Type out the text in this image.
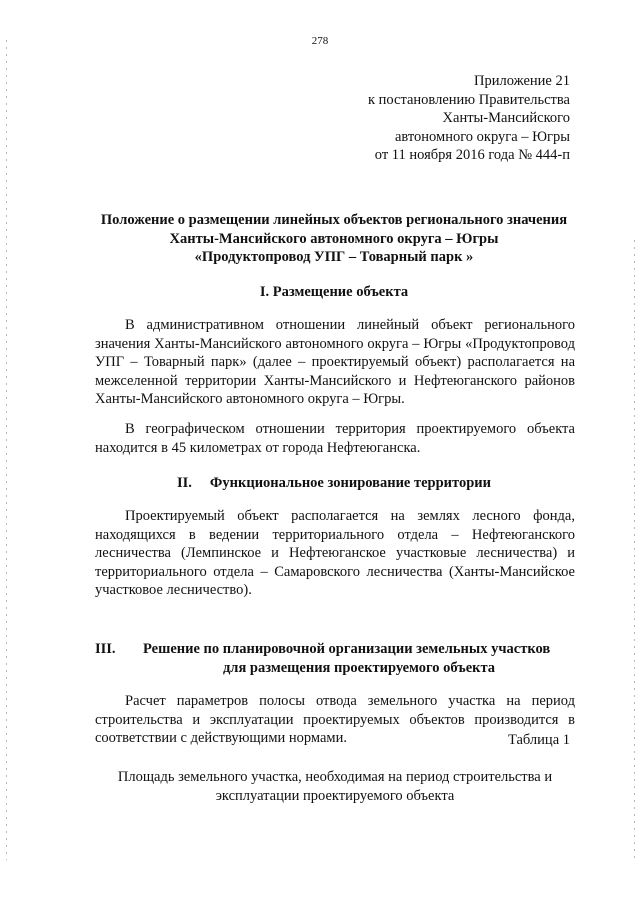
278
Приложение 21
к постановлению Правительства
Ханты-Мансийского
автономного округа – Югры
от 11 ноября 2016 года № 444-п
Положение о размещении линейных объектов регионального значения
Ханты-Мансийского автономного округа – Югры
«Продуктопровод УПГ – Товарный парк »
I. Размещение объекта
В административном отношении линейный объект регионального значения Ханты-Мансийского автономного округа – Югры «Продуктопровод УПГ – Товарный парк» (далее – проектируемый объект) располагается на межселенной территории Ханты-Мансийского и Нефтеюганского районов Ханты-Мансийского автономного округа – Югры.
В географическом отношении территория проектируемого объекта находится в 45 километрах от города Нефтеюганска.
II. Функциональное зонирование территории
Проектируемый объект располагается на землях лесного фонда, находящихся в ведении территориального отдела – Нефтеюганского лесничества (Лемпинское и Нефтеюганское участковые лесничества) и территориального отдела – Самаровского лесничества (Ханты-Мансийское участковое лесничество).
III. Решение по планировочной организации земельных участков
для размещения проектируемого объекта
Расчет параметров полосы отвода земельного участка на период строительства и эксплуатации проектируемых объектов производится в соответствии с действующими нормами.	Таблица 1
Площадь земельного участка, необходимая на период строительства и
эксплуатации проектируемого объекта
